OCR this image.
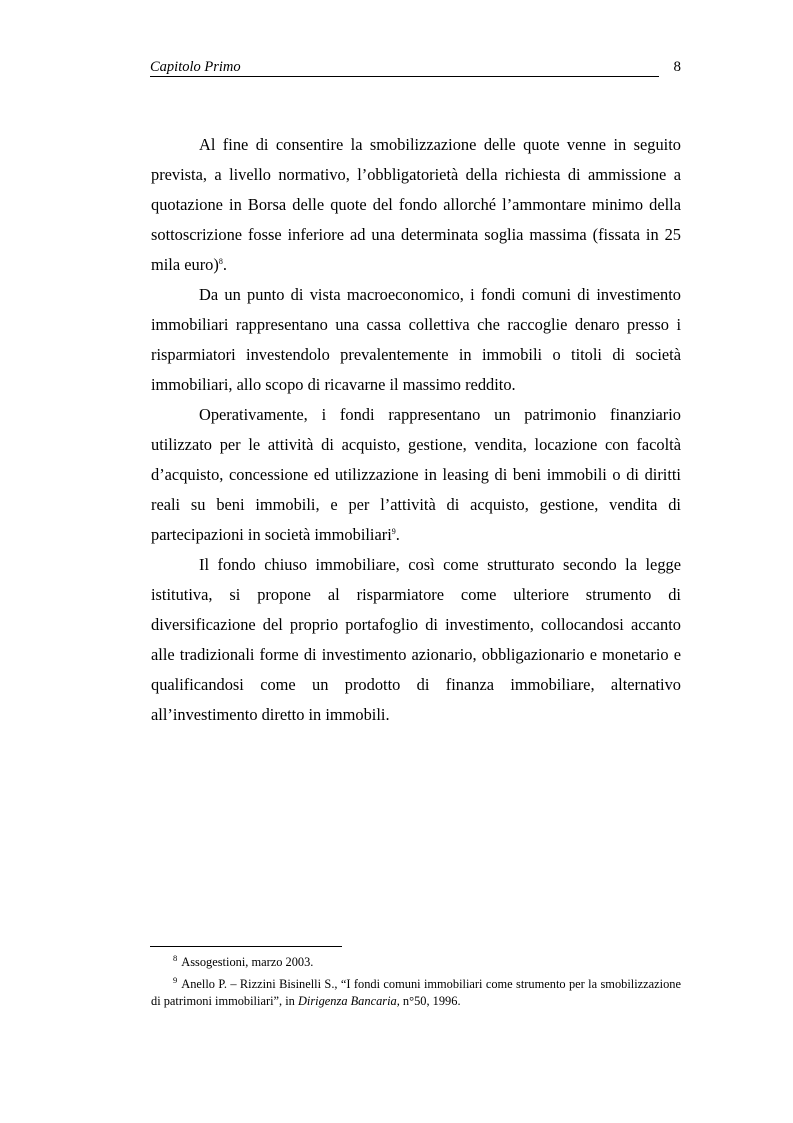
Capitolo Primo	8

Al fine di consentire la smobilizzazione delle quote venne in seguito prevista, a livello normativo, l’obbligatorietà della richiesta di ammissione a quotazione in Borsa delle quote del fondo allorché l’ammontare minimo della sottoscrizione fosse inferiore ad una determinata soglia massima (fissata in 25 mila euro)$^8$.

Da un punto di vista macroeconomico, i fondi comuni di investimento immobiliari rappresentano una cassa collettiva che raccoglie denaro presso i risparmiatori investendolo prevalentemente in immobili o titoli di società immobiliari, allo scopo di ricavarne il massimo reddito.

Operativamente, i fondi rappresentano un patrimonio finanziario utilizzato per le attività di acquisto, gestione, vendita, locazione con facoltà d’acquisto, concessione ed utilizzazione in leasing di beni immobili o di diritti reali su beni immobili, e per l’attività di acquisto, gestione, vendita di partecipazioni in società immobiliari$^9$.

Il fondo chiuso immobiliare, così come strutturato secondo la legge istitutiva, si propone al risparmiatore come ulteriore strumento di diversificazione del proprio portafoglio di investimento, collocandosi accanto alle tradizionali forme di investimento azionario, obbligazionario e monetario e qualificandosi come un prodotto di finanza immobiliare, alternativo all’investimento diretto in immobili.

$^8$ Assogestioni, marzo 2003.

$^9$ Anello P. – Rizzini Bisinelli S., “I fondi comuni immobiliari come strumento per la smobilizzazione di patrimoni immobiliari”, in Dirigenza Bancaria, n°50, 1996.
